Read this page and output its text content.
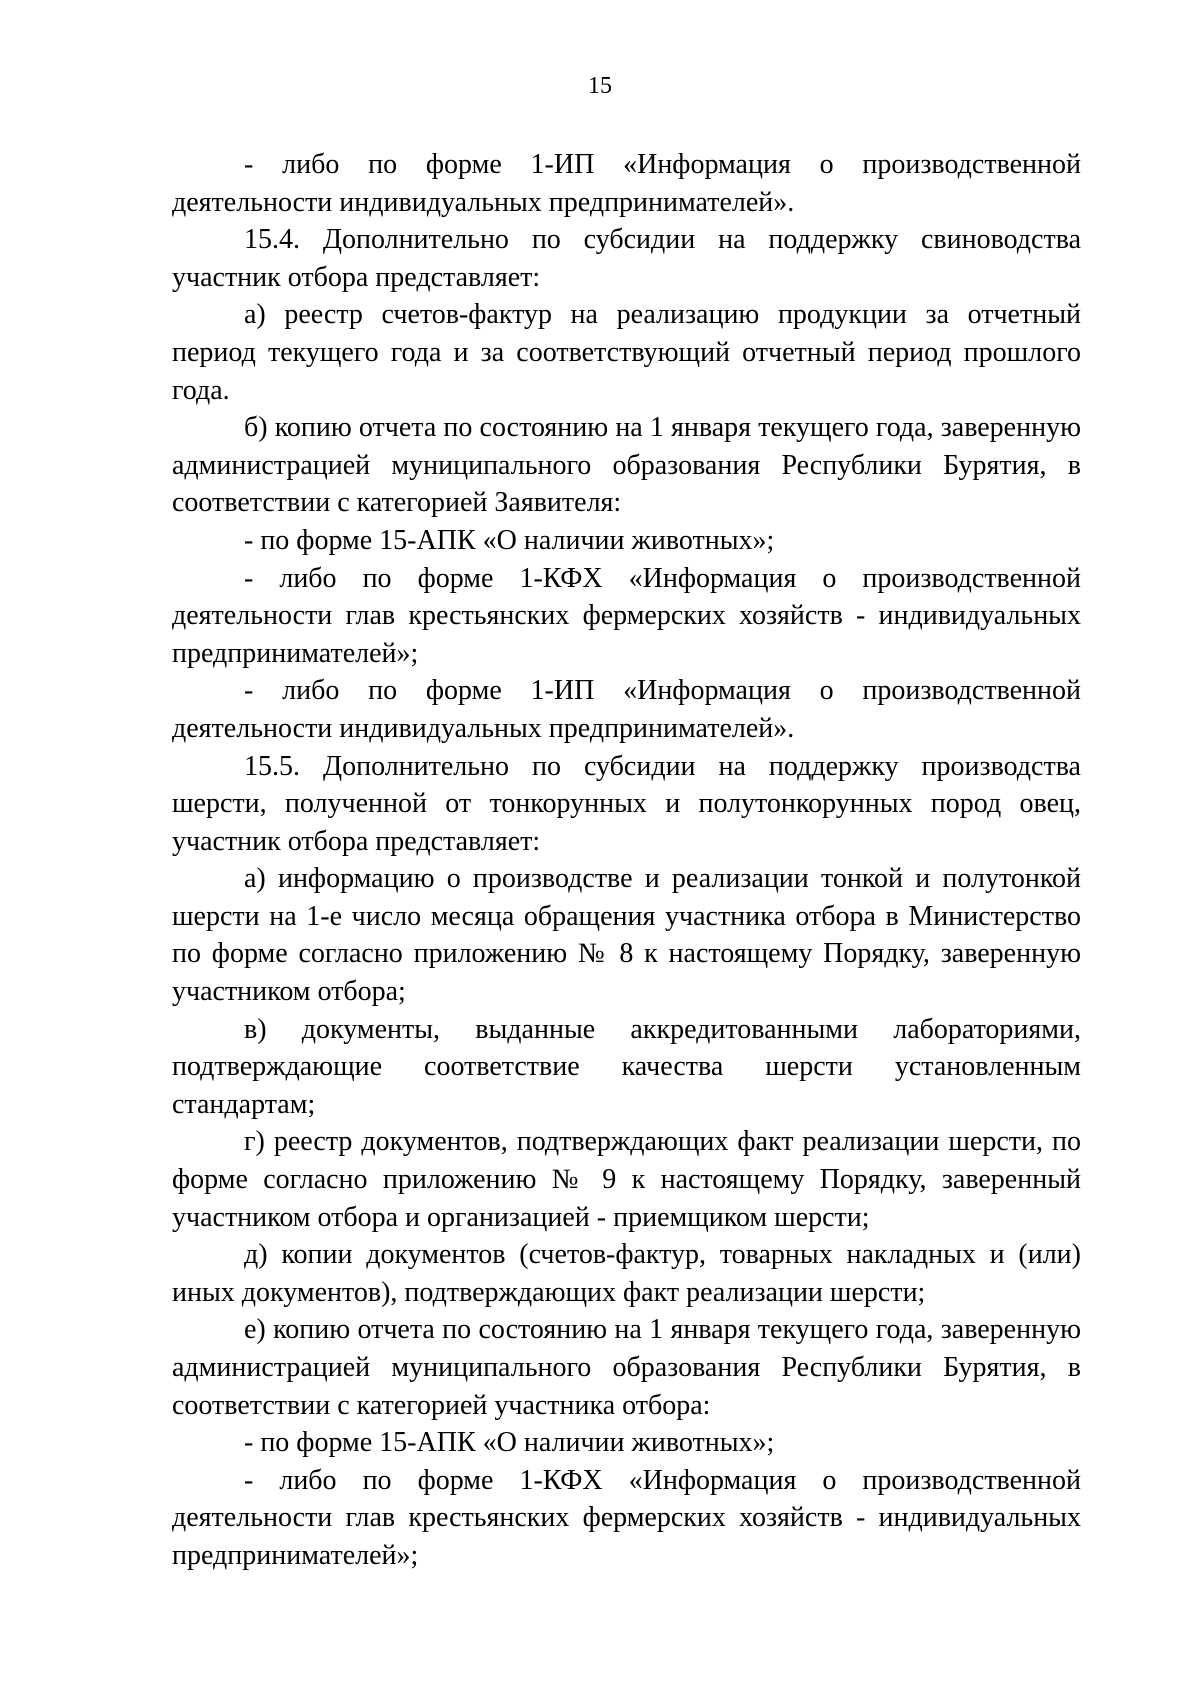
15

- либо по форме 1-ИП «Информация о производственной деятельности индивидуальных предпринимателей».

15.4. Дополнительно по субсидии на поддержку свиноводства участник отбора представляет:

а) реестр счетов-фактур на реализацию продукции за отчетный период текущего года и за соответствующий отчетный период прошлого года.

б) копию отчета по состоянию на 1 января текущего года, заверенную администрацией муниципального образования Республики Бурятия, в соответствии с категорией Заявителя:

- по форме 15-АПК «О наличии животных»;

- либо по форме 1-КФХ «Информация о производственной деятельности глав крестьянских фермерских хозяйств - индивидуальных предпринимателей»;

- либо по форме 1-ИП «Информация о производственной деятельности индивидуальных предпринимателей».

15.5. Дополнительно по субсидии на поддержку производства шерсти, полученной от тонкорунных и полутонкорунных пород овец, участник отбора представляет:

а) информацию о производстве и реализации тонкой и полутонкой шерсти на 1-е число месяца обращения участника отбора в Министерство по форме согласно приложению № 8 к настоящему Порядку, заверенную участником отбора;

в) документы, выданные аккредитованными лабораториями, подтверждающие соответствие качества шерсти установленным стандартам;

г) реестр документов, подтверждающих факт реализации шерсти, по форме согласно приложению № 9 к настоящему Порядку, заверенный участником отбора и организацией - приемщиком шерсти;

д) копии документов (счетов-фактур, товарных накладных и (или) иных документов), подтверждающих факт реализации шерсти;

е) копию отчета по состоянию на 1 января текущего года, заверенную администрацией муниципального образования Республики Бурятия, в соответствии с категорией участника отбора:

- по форме 15-АПК «О наличии животных»;

- либо по форме 1-КФХ «Информация о производственной деятельности глав крестьянских фермерских хозяйств - индивидуальных предпринимателей»;
